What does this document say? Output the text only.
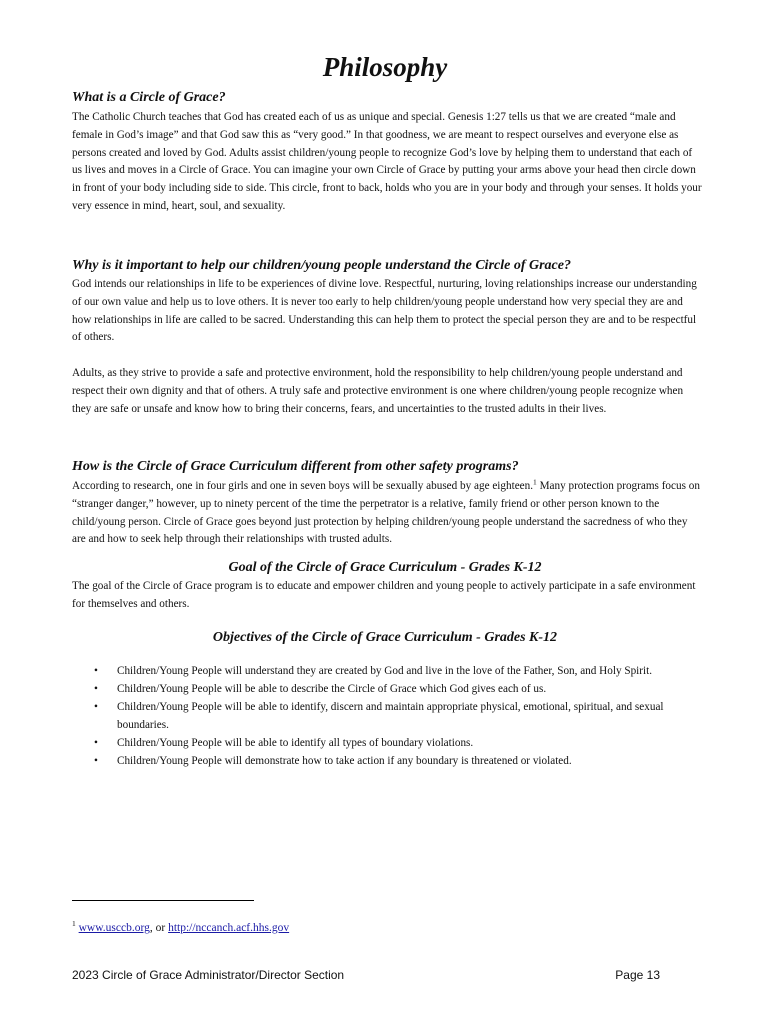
Philosophy
What is a Circle of Grace?

The Catholic Church teaches that God has created each of us as unique and special. Genesis 1:27 tells us that we are created “male and female in God’s image” and that God saw this as “very good.” In that goodness, we are meant to respect ourselves and everyone else as persons created and loved by God. Adults assist children/young people to recognize God’s love by helping them to understand that each of us lives and moves in a Circle of Grace. You can imagine your own Circle of Grace by putting your arms above your head then circle down in front of your body including side to side. This circle, front to back, holds who you are in your body and through your senses. It holds your very essence in mind, heart, soul, and sexuality.

Why is it important to help our children/young people understand the Circle of Grace?

God intends our relationships in life to be experiences of divine love. Respectful, nurturing, loving relationships increase our understanding of our own value and help us to love others. It is never too early to help children/young people understand how very special they are and how relationships in life are called to be sacred. Understanding this can help them to protect the special person they are and to be respectful of others.

Adults, as they strive to provide a safe and protective environment, hold the responsibility to help children/young people understand and respect their own dignity and that of others. A truly safe and protective environment is one where children/young people recognize when they are safe or unsafe and know how to bring their concerns, fears, and uncertainties to the trusted adults in their lives.

How is the Circle of Grace Curriculum different from other safety programs?

According to research, one in four girls and one in seven boys will be sexually abused by age eighteen.$^1$ Many protection programs focus on “stranger danger,” however, up to ninety percent of the time the perpetrator is a relative, family friend or other person known to the child/young person. Circle of Grace goes beyond just protection by helping children/young people understand the sacredness of who they are and how to seek help through their relationships with trusted adults.

Goal of the Circle of Grace Curriculum - Grades K-12

The goal of the Circle of Grace program is to educate and empower children and young people to actively participate in a safe environment for themselves and others.

Objectives of the Circle of Grace Curriculum - Grades K-12
• Children/Young People will understand they are created by God and live in the love of the Father, Son, and Holy Spirit.
• Children/Young People will be able to describe the Circle of Grace which God gives each of us.
• Children/Young People will be able to identify, discern and maintain appropriate physical, emotional, spiritual, and sexual boundaries.
• Children/Young People will be able to identify all types of boundary violations.
• Children/Young People will demonstrate how to take action if any boundary is threatened or violated.

$^1$ www.usccb.org, or http://nccanch.acf.hhs.gov

2023 Circle of Grace Administrator/Director Section	Page 13
